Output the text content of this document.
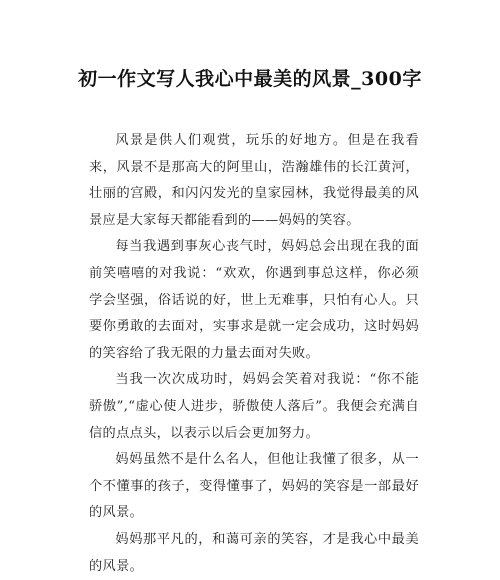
初一作文写人我心中最美的风景_300字

风景是供人们观赏，玩乐的好地方。但是在我看来，风景不是那高大的阿里山，浩瀚雄伟的长江黄河，壮丽的宫殿，和闪闪发光的皇家园林，我觉得最美的风景应是大家每天都能看到的——妈妈的笑容。

每当我遇到事灰心丧气时，妈妈总会出现在我的面前笑嘻嘻的对我说：“欢欢，你遇到事总这样，你必须学会坚强，俗话说的好，世上无难事，只怕有心人。只要你勇敢的去面对，实事求是就一定会成功，这时妈妈的笑容给了我无限的力量去面对失败。

当我一次次成功时，妈妈会笑着对我说：“你不能骄傲”,“虚心使人进步，骄傲使人落后”。我便会充满自信的点点头，以表示以后会更加努力。

妈妈虽然不是什么名人，但他让我懂了很多，从一个不懂事的孩子，变得懂事了，妈妈的笑容是一部最好的风景。

妈妈那平凡的，和蔼可亲的笑容，才是我心中最美的风景。
